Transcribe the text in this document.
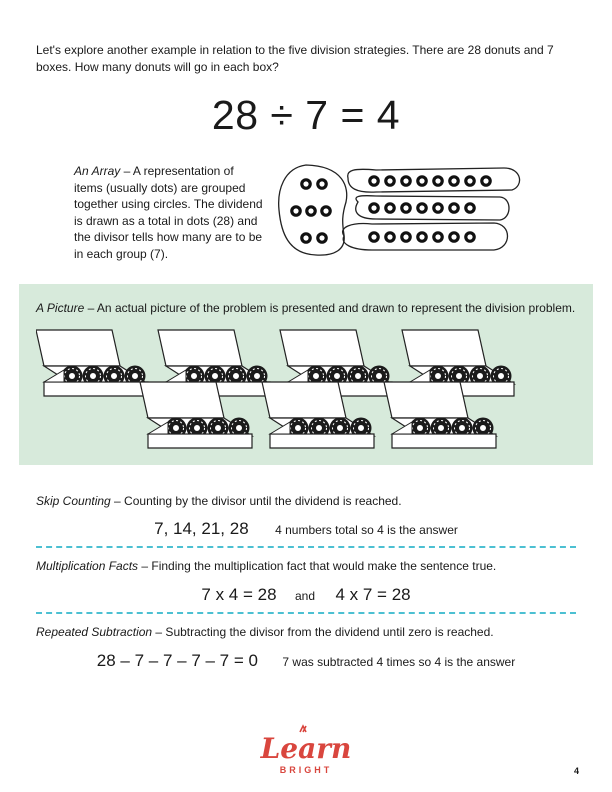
Let's explore another example in relation to the five division strategies. There are 28 donuts and 7 boxes. How many donuts will go in each box?
28 ÷ 7 = 4
An Array – A representation of items (usually dots) are grouped together using circles. The dividend is drawn as a total in dots (28) and the divisor tells how many are to be in each group (7).
A Picture – An actual picture of the problem is presented and drawn to represent the division problem.
Skip Counting – Counting by the divisor until the dividend is reached.
7, 14, 21, 28 4 numbers total so 4 is the answer
Multiplication Facts – Finding the multiplication fact that would make the sentence true.
7 x 4 = 28 and 4 x 7 = 28
Repeated Subtraction – Subtracting the divisor from the dividend until zero is reached.
28 – 7 – 7 – 7 – 7 = 0 7 was subtracted 4 times so 4 is the answer
Learn
BRIGHT	4
